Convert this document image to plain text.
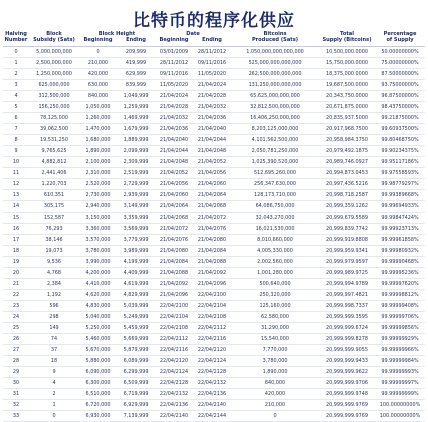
比特币的程序化供应
Halving	Block	Block Height		Date		Bitcoins	Total	Percentage
Number	Subsidy (Sats)	Beginning	Ending	Beginning	Ending	Produced (Sats)	Supply (Bitcoins)	of Supply
0	5,000,000,000	0	209,999	03/01/2009	28/11/2012	1,050,000,000,000,000	10,500,000.0000	50.00000000%
1	2,500,000,000	210,000	419,999	28/11/2012	09/11/2016	525,000,000,000,000	15,750,000.0000	75.00000000%
2	1,250,000,000	420,000	629,999	09/11/2016	11/05/2020	262,500,000,000,000	18,375,000.0000	87.50000000%
3	625,000,000	630,000	839,999	11/05/2020	21/04/2024	131,250,000,000,000	19,687,500.0000	93.75000000%
4	312,500,000	840,000	1,049,999	21/04/2024	21/04/2028	65,625,000,000,000	20,343,750.0000	96.87500000%
5	156,250,000	1,050,000	1,259,999	21/04/2028	21/04/2032	32,812,500,000,000	20,671,875.0000	98.43750000%
6	78,125,000	1,260,000	1,469,999	21/04/2032	21/04/2036	16,406,250,000,000	20,835,937.5000	99.21875000%
7	39,062,500	1,470,000	1,679,999	21/04/2036	21/04/2040	8,203,125,000,000	20,917,968.7500	99.60937500%
8	19,531,250	1,680,000	1,889,999	21/04/2040	21/04/2044	4,101,562,500,000	20,958,984.3750	99.80468750%
9	9,765,625	1,890,000	2,099,999	21/04/2044	21/04/2048	2,050,781,250,000	20,979,492.1875	99.90234375%
10	4,882,812	2,100,000	2,309,999	21/04/2048	21/04/2052	1,025,390,520,000	20,989,746.0927	99.95117186%
11	2,441,406	2,310,000	2,519,999	21/04/2052	21/04/2056	512,695,260,000	20,994,873.0453	99.97558593%
12	1,220,703	2,520,000	2,729,999	21/04/2056	21/04/2060	256,347,630,000	20,997,436.5216	99.98779297%
13	610,351	2,730,000	2,939,999	21/04/2060	21/04/2064	128,173,710,000	20,998,718.2587	99.99389668%
14	305,175	2,940,000	3,149,999	21/04/2064	21/04/2068	64,086,750,000	20,999,359.1262	99.99694933%
15	152,587	3,150,000	3,359,999	21/04/2068	21/04/2072	32,043,270,000	20,999,679.5589	99.99847424%
16	76,293	3,360,000	3,569,999	21/04/2072	21/04/2076	16,021,530,000	20,999,839.7742	99.99923713%
17	38,146	3,570,000	3,779,999	21/04/2076	21/04/2080	8,010,660,000	20,999,919.8808	99.99961858%
18	19,073	3,780,000	3,989,999	21/04/2080	21/04/2084	4,005,330,000	20,999,959.9341	99.99980932%
19	9,536	3,990,000	4,199,999	21/04/2084	21/04/2088	2,002,560,000	20,999,979.9597	99.99990468%
20	4,768	4,200,000	4,409,999	21/04/2088	21/04/2092	1,001,280,000	20,999,989.9725	99.99995236%
21	2,384	4,410,000	4,619,999	21/04/2092	21/04/2096	500,640,000	20,999,994.9789	99.99997620%
22	1,192	4,620,000	4,829,999	21/04/2096	22/04/2100	250,320,000	20,999,997.4821	99.99998812%
23	596	4,830,000	5,039,999	22/04/2100	22/04/2104	125,160,000	20,999,998.7337	99.99999408%
24	298	5,040,000	5,249,999	22/04/2104	22/04/2108	62,580,000	20,999,999.3595	99.99999706%
25	149	5,250,000	5,459,999	22/04/2108	22/04/2112	31,290,000	20,999,999.6724	99.99999856%
26	74	5,460,000	5,669,999	22/04/2112	22/04/2116	15,540,000	20,999,999.8278	99.99999929%
27	37	5,670,000	5,879,999	22/04/2116	22/04/2120	7,770,000	20,999,999.9055	99.99999966%
28	18	5,880,000	6,089,999	22/04/2120	22/04/2124	3,780,000	20,999,999.9433	99.99999984%
29	9	6,090,000	6,299,999	22/04/2124	22/04/2128	1,890,000	20,999,999.9622	99.99999993%
30	4	6,300,000	6,509,999	22/04/2128	22/04/2132	840,000	20,999,999.9706	99.99999997%
31	2	6,510,000	6,719,999	22/04/2132	22/04/2136	420,000	20,999,999.9748	99.99999999%
32	1	6,720,000	6,929,999	22/04/2136	22/04/2140	210,000	20,999,999.9769	100.00000000%
33	0	6,930,000	7,139,999	22/04/2140	22/04/2144	0	20,999,999.9769	100.00000000%
